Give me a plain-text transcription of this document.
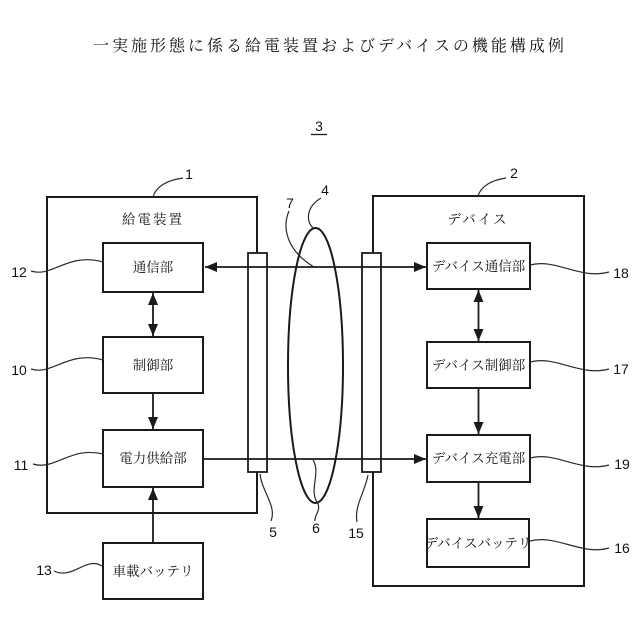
一実施形態に係る給電装置およびデバイスの機能構成例
3
給電装置	デバイス
通信部
制御部
電力供給部
車載バッテリ
デバイス通信部
デバイス制御部
デバイス充電部
デバイスバッテリ
1	2
12
10
11
13
18
17
19
16
7
4
5	6 15
